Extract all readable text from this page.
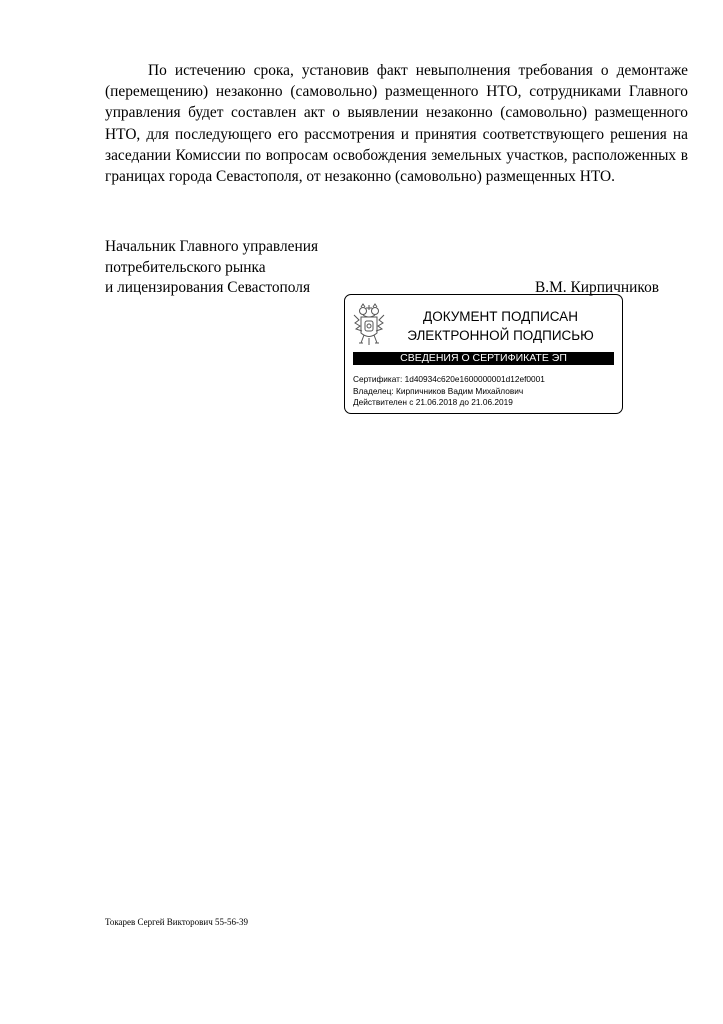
По истечению срока, установив факт невыполнения требования о демонтаже (перемещению) незаконно (самовольно) размещенного НТО, сотрудниками Главного управления будет составлен акт о выявлении незаконно (самовольно) размещенного НТО, для последующего его рассмотрения и принятия соответствующего решения на заседании Комиссии по вопросам освобождения земельных участков, расположенных в границах города Севастополя, от незаконно (самовольно) размещенных НТО.

Начальник Главного управления
потребительского рынка
и лицензирования Севастополя	В.М. Кирпичников
ДОКУМЕНТ ПОДПИСАН
ЭЛЕКТРОННОЙ ПОДПИСЬЮ
СВЕДЕНИЯ О СЕРТИФИКАТЕ ЭП
Сертификат: 1d40934c620e1600000001d12ef0001
Владелец: Кирпичников Вадим Михайлович
Действителен с 21.06.2018 до 21.06.2019
Токарев Сергей Викторович 55-56-39
